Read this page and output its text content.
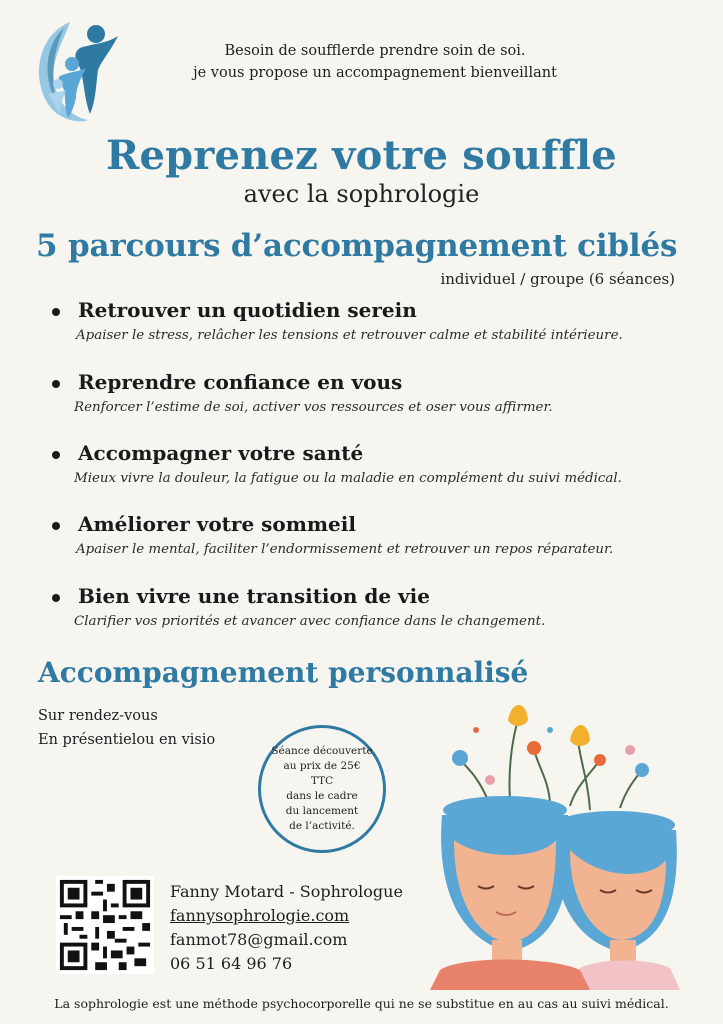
Besoin de soufflerde prendre soin de soi.
je vous propose un accompagnement bienveillant
Reprenez votre souffle
avec la sophrologie
5 parcours d’accompagnement ciblés
individuel / groupe (6 séances)
Retrouver un quotidien serein
Apaiser le stress, relâcher les tensions et retrouver calme et stabilité intérieure.
Reprendre confiance en vous
Renforcer l’estime de soi, activer vos ressources et oser vous affirmer.
Accompagner votre santé
Mieux vivre la douleur, la fatigue ou la maladie en complément du suivi médical.
Améliorer votre sommeil
Apaiser le mental, faciliter l’endormissement et retrouver un repos réparateur.
Bien vivre une transition de vie
Clarifier vos priorités et avancer avec confiance dans le changement.
Accompagnement personnalisé
Sur rendez-vous
En présentielou en visio
Séance découverte
au prix de 25€ TTC
dans le cadre
du lancement
de l’activité.
Fanny Motard - Sophrologue
fannysophrologie.com
fanmot78@gmail.com
06 51 64 96 76
La sophrologie est une méthode psychocorporelle qui ne se substitue en au cas au suivi médical.
